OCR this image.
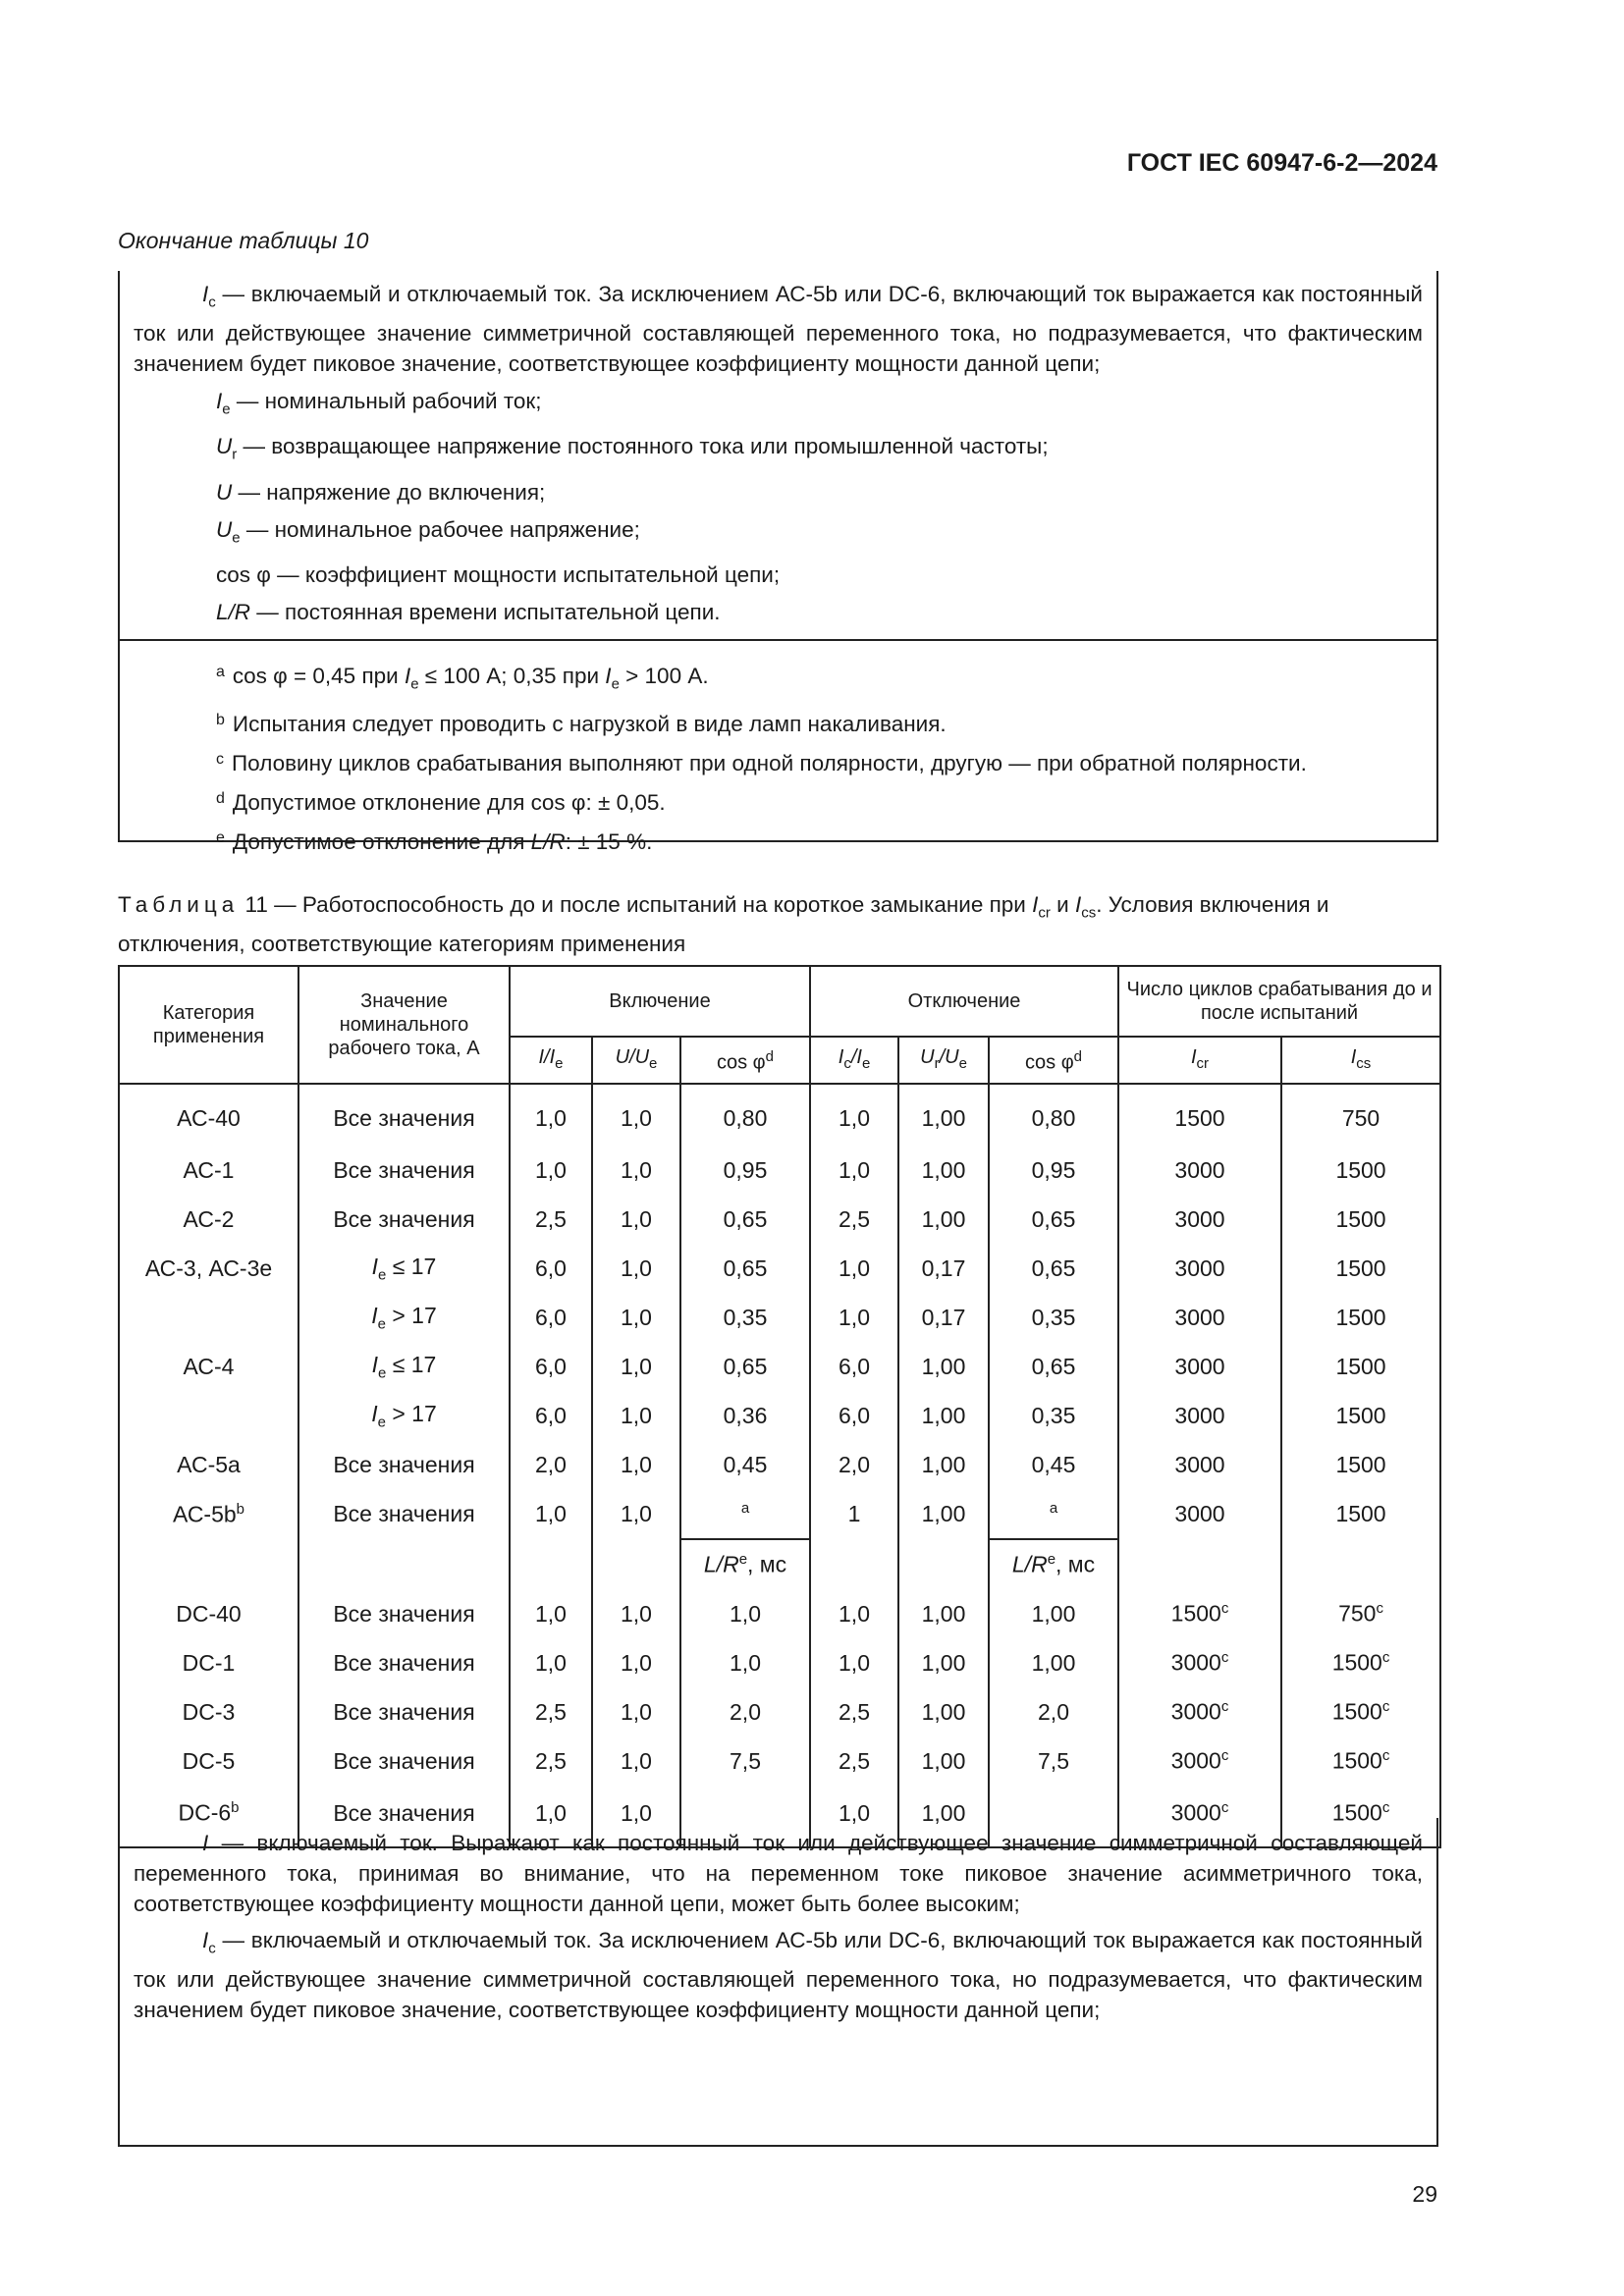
ГОСТ IEC 60947-6-2—2024
Окончание таблицы 10

$I_c$ — включаемый и отключаемый ток. За исключением АС-5b или DC-6, включающий ток выражается как постоянный ток или действующее значение симметричной составляющей переменного тока, но подразумевается, что фактическим значением будет пиковое значение, соответствующее коэффициенту мощности данной цепи;

$I_e$ — номинальный рабочий ток;
$U_r$ — возвращающее напряжение постоянного тока или промышленной частоты;
U — напряжение до включения;
$U_e$ — номинальное рабочее напряжение;
cos φ — коэффициент мощности испытательной цепи;
L/R — постоянная времени испытательной цепи.
$^a$ cos φ = 0,45 при $I_e \le 100$ А; 0,35 при $I_e > 100$ А.
$^b$ Испытания следует проводить с нагрузкой в виде ламп накаливания.
$^c$ Половину циклов срабатывания выполняют при одной полярности, другую — при обратной полярности.
$^d$ Допустимое отклонение для cos φ: ± 0,05.
$^e$ Допустимое отклонение для L/R: ± 15 %.
Таблица 11 — Работоспособность до и после испытаний на короткое замыкание при $I_{cr}$ и $I_{cs}$. Условия включения и отключения, соответствующие категориям применения
Категория применения	Значение номинального рабочего тока, А	Включение			Отключение			Число циклов срабатывания до и после испытаний	
		$I/I_e$	$U/U_e$	$\cos \varphi^d$	$I_c/I_e$	$U_r/U_e$	$\cos \varphi^d$	$I_{cr}$	$I_{cs}$
АС-40	Все значения	1,0	1,0	0,80	1,0	1,00	0,80	1500	750
АС-1	Все значения	1,0	1,0	0,95	1,0	1,00	0,95	3000	1500
АС-2	Все значения	2,5	1,0	0,65	2,5	1,00	0,65	3000	1500
АС-3, АС-3е	$I_e \le 17$	6,0	1,0	0,65	1,0	0,17	0,65	3000	1500
	$I_e > 17$	6,0	1,0	0,35	1,0	0,17	0,35	3000	1500
АС-4	$I_e \le 17$	6,0	1,0	0,65	6,0	1,00	0,65	3000	1500
	$I_e > 17$	6,0	1,0	0,36	6,0	1,00	0,35	3000	1500
АС-5а	Все значения	2,0	1,0	0,45	2,0	1,00	0,45	3000	1500
$АС-5b^b$	Все значения	1,0	1,0	$^a$	1	1,00	$^a$	3000	1500
				$L/R^e$, мс			$L/R^e$, мс		
DC-40	Все значения	1,0	1,0	1,0	1,0	1,00	1,00	1500$^c$	750$^c$
DC-1	Все значения	1,0	1,0	1,0	1,0	1,00	1,00	3000$^c$	1500$^c$
DC-3	Все значения	2,5	1,0	2,0	2,5	1,00	2,0	3000$^c$	1500$^c$
DC-5	Все значения	2,5	1,0	7,5	2,5	1,00	7,5	3000$^c$	1500$^c$
DC-6$^b$	Все значения	1,0	1,0		1,0	1,00		3000$^c$	1500$^c$

I — включаемый ток. Выражают как постоянный ток или действующее значение симметричной составляющей переменного тока, принимая во внимание, что на переменном токе пиковое значение асимметричного тока, соответствующее коэффициенту мощности данной цепи, может быть более высоким;

$I_c$ — включаемый и отключаемый ток. За исключением АС-5b или DC-6, включающий ток выражается как постоянный ток или действующее значение симметричной составляющей переменного тока, но подразумевается, что фактическим значением будет пиковое значение, соответствующее коэффициенту мощности данной цепи;

29
